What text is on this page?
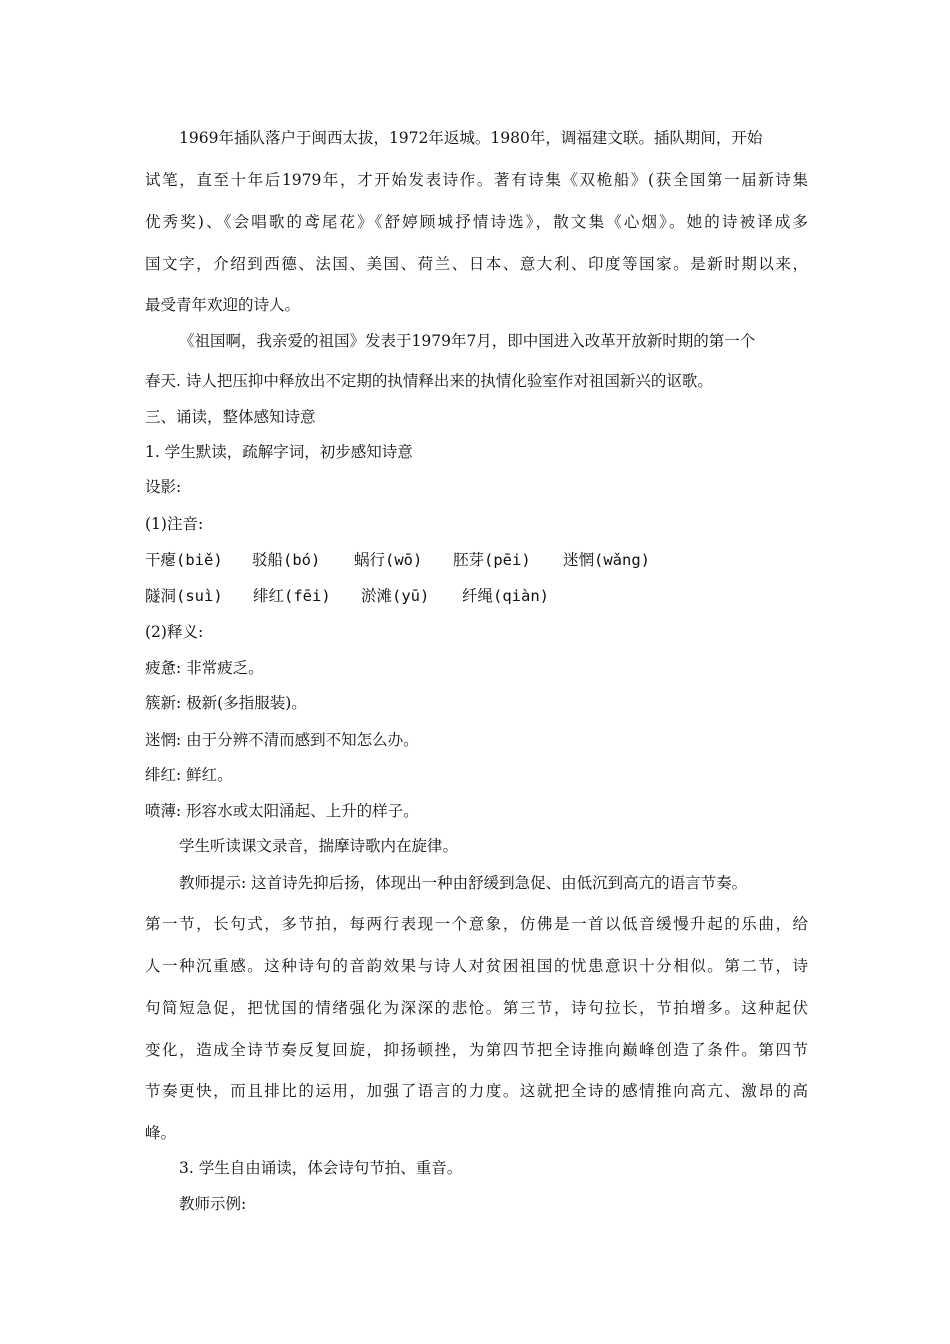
1969年插队落户于闽西太拔，1972年返城。1980年，调福建文联。插队期间，开始
试笔，直至十年后1979年，才开始发表诗作。著有诗集《双桅船》(获全国第一届新诗集
优秀奖)、《会唱歌的鸢尾花》《舒婷顾城抒情诗选》，散文集《心烟》。她的诗被译成多
国文字，介绍到西德、法国、美国、荷兰、日本、意大利、印度等国家。是新时期以来，
最受青年欢迎的诗人。
《祖国啊，我亲爱的祖国》发表于1979年7月，即中国进入改革开放新时期的第一个
春天. 诗人把压抑中释放出不定期的执情释出来的执情化验室作对祖国新兴的讴歌。
三、诵读，整体感知诗意
1. 学生默读，疏解字词，初步感知诗意
设影:
(1)注音:
干瘪(biě) 驳船(bó) 蜗行(wō) 胚芽(pēi) 迷惘(wǎng)
隧洞(suì) 绯红(fēi) 淤滩(yū) 纤绳(qiàn)
(2)释义:
疲惫: 非常疲乏。
簇新: 极新(多指服装)。
迷惘: 由于分辨不清而感到不知怎么办。
绯红: 鲜红。
喷薄: 形容水或太阳涌起、上升的样子。
学生听读课文录音，揣摩诗歌内在旋律。
教师提示: 这首诗先抑后扬，体现出一种由舒缓到急促、由低沉到高亢的语言节奏。
第一节，长句式，多节拍，每两行表现一个意象，仿佛是一首以低音缓慢升起的乐曲，给
人一种沉重感。这种诗句的音韵效果与诗人对贫困祖国的忧患意识十分相似。第二节，诗
句简短急促，把忧国的情绪强化为深深的悲怆。第三节，诗句拉长，节拍增多。这种起伏
变化，造成全诗节奏反复回旋，抑扬顿挫，为第四节把全诗推向巅峰创造了条件。第四节
节奏更快，而且排比的运用，加强了语言的力度。这就把全诗的感情推向高亢、激昂的高
峰。
3. 学生自由诵读，体会诗句节拍、重音。
教师示例:
